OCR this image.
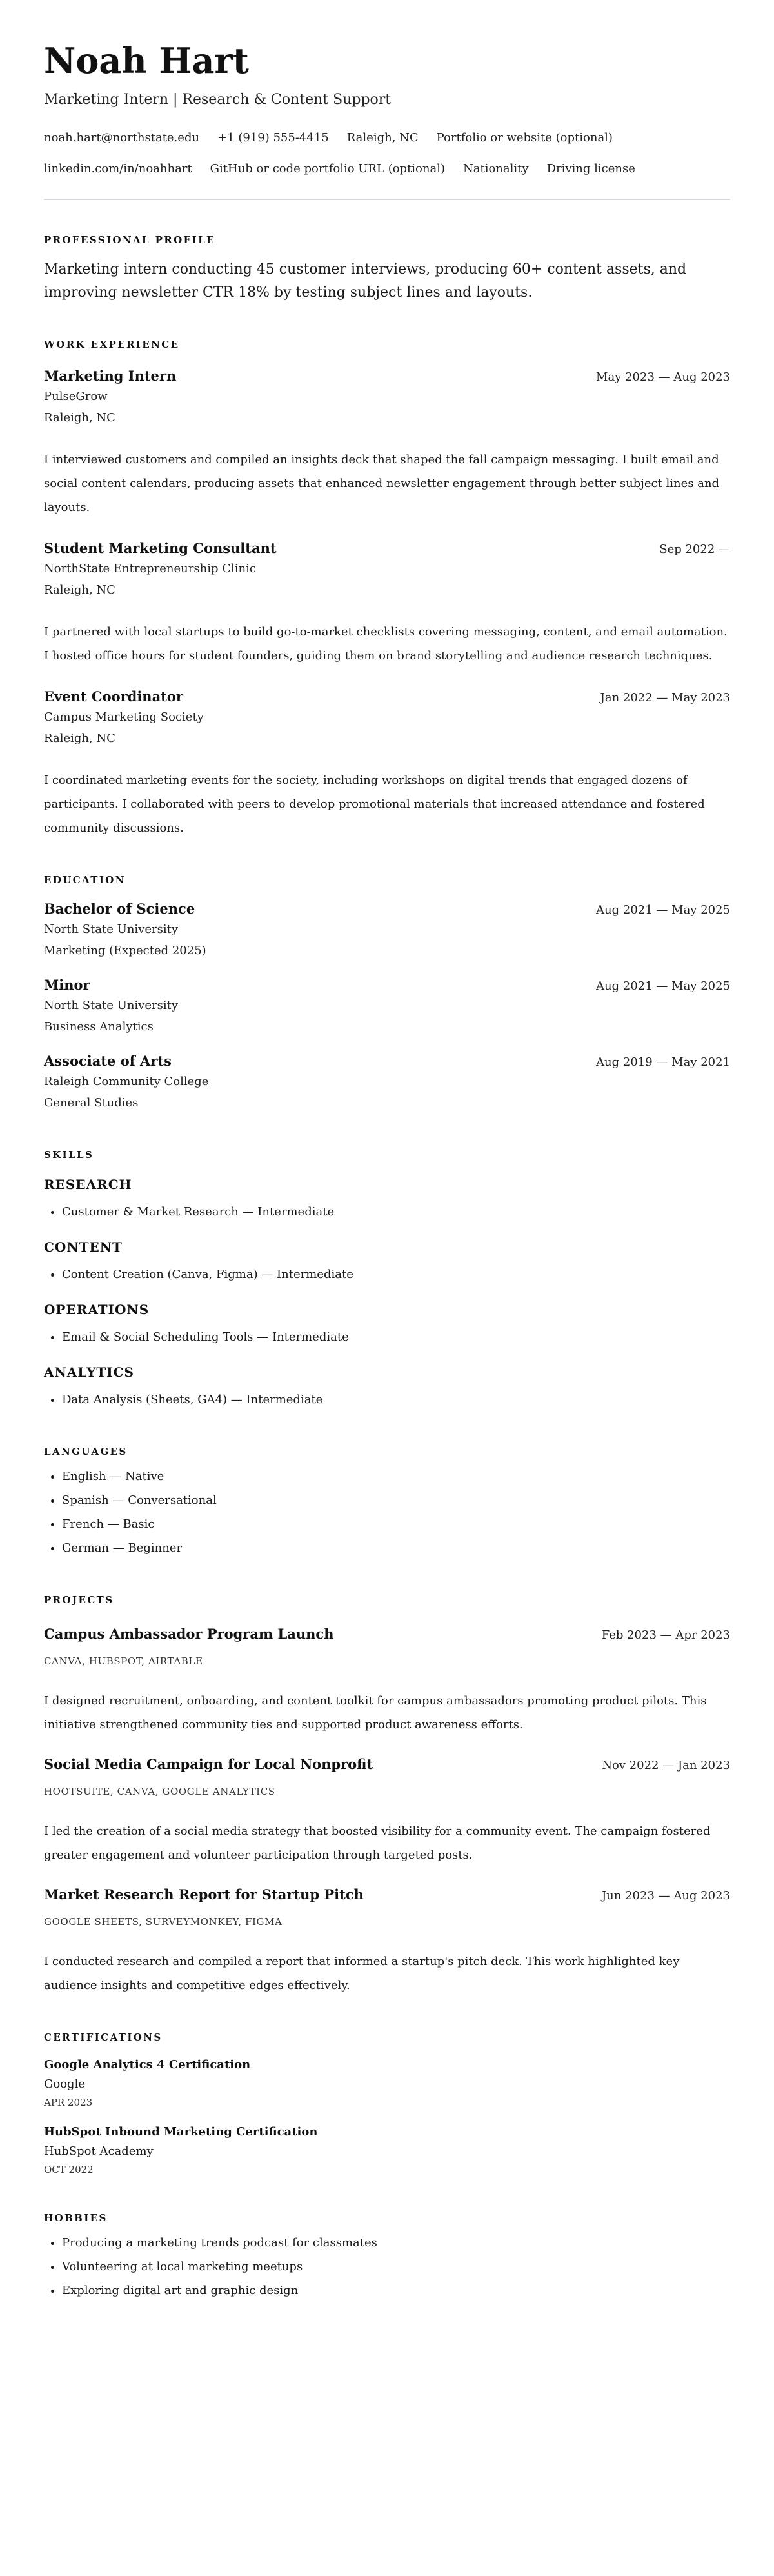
Noah Hart
Marketing Intern | Research & Content Support
noah.hart@northstate.edu +1 (919) 555-4415 Raleigh, NC Portfolio or website (optional)linkedin.com/in/noahhart GitHub or code portfolio URL (optional) Nationality Driving license
PROFESSIONAL PROFILE
Marketing intern conducting 45 customer interviews, producing 60+ content assets, and improving newsletter CTR 18% by testing subject lines and layouts.
WORK EXPERIENCE
Marketing Intern	May 2023 — Aug 2023
PulseGrow
Raleigh, NC
I interviewed customers and compiled an insights deck that shaped the fall campaign messaging. I built email and social content calendars, producing assets that enhanced newsletter engagement through better subject lines and layouts.
Student Marketing Consultant	Sep 2022 —
NorthState Entrepreneurship Clinic
Raleigh, NC
I partnered with local startups to build go-to-market checklists covering messaging, content, and email automation. I hosted office hours for student founders, guiding them on brand storytelling and audience research techniques.
Event Coordinator	Jan 2022 — May 2023
Campus Marketing Society
Raleigh, NC
I coordinated marketing events for the society, including workshops on digital trends that engaged dozens of participants. I collaborated with peers to develop promotional materials that increased attendance and fostered community discussions.
EDUCATION
Bachelor of Science	Aug 2021 — May 2025
North State University
Marketing (Expected 2025)
Minor	Aug 2021 — May 2025
North State University
Business Analytics
Associate of Arts	Aug 2019 — May 2021
Raleigh Community College
General Studies
SKILLS
RESEARCH
• Customer & Market Research — Intermediate
CONTENT
• Content Creation (Canva, Figma) — Intermediate
OPERATIONS
• Email & Social Scheduling Tools — Intermediate
ANALYTICS
• Data Analysis (Sheets, GA4) — Intermediate
LANGUAGES
• English — Native
• Spanish — Conversational
• French — Basic
• German — Beginner
PROJECTS
Campus Ambassador Program Launch	Feb 2023 — Apr 2023
CANVA, HUBSPOT, AIRTABLE
I designed recruitment, onboarding, and content toolkit for campus ambassadors promoting product pilots. This initiative strengthened community ties and supported product awareness efforts.
Social Media Campaign for Local Nonprofit	Nov 2022 — Jan 2023
HOOTSUITE, CANVA, GOOGLE ANALYTICS
I led the creation of a social media strategy that boosted visibility for a community event. The campaign fostered greater engagement and volunteer participation through targeted posts.
Market Research Report for Startup Pitch	Jun 2023 — Aug 2023
GOOGLE SHEETS, SURVEYMONKEY, FIGMA
I conducted research and compiled a report that informed a startup's pitch deck. This work highlighted key audience insights and competitive edges effectively.
CERTIFICATIONS
Google Analytics 4 Certification
Google
APR 2023
HubSpot Inbound Marketing Certification
HubSpot Academy
OCT 2022
HOBBIES
• Producing a marketing trends podcast for classmates
• Volunteering at local marketing meetups
• Exploring digital art and graphic design
